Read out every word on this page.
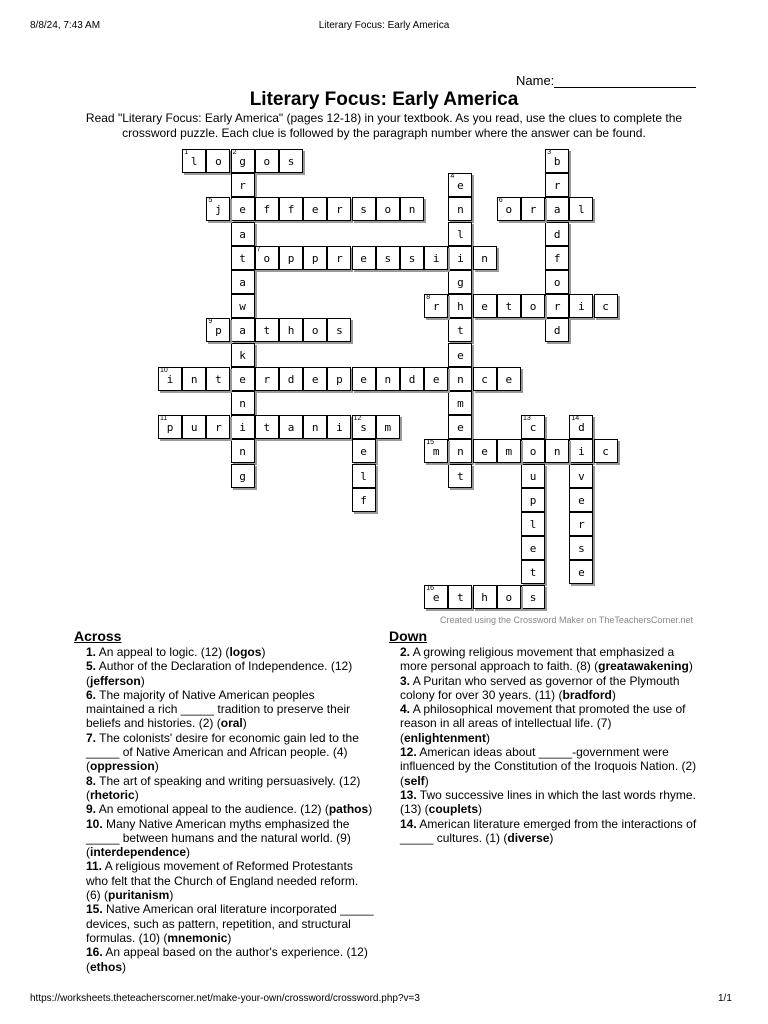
8/8/24, 7:43 AM	Literary Focus: Early America
Name:
Literary Focus: Early America
Read "Literary Focus: Early America" (pages 12-18) in your textbook. As you read, use the clues to complete the crossword puzzle. Each clue is followed by the paragraph number where the answer can be found.
1
l	o
2
g	o	s
r
e
a
t
a
w
a
k
e
n
i
n
g
3
b
r
a
d
f
o
r
d
4
e
n
l
i
g
h
t
e
n
m
e
n
t
5
j	f	f	e	r	s	o	n
6
o	r	l
7
o	p	p	r	e	s	s	i	n
8
r	e	t	o	i	c
9
p	t	h	o	s
10
i	n	t	r	d	e	p	e	n	d	e	c	e
11
p	u	r	t	a	n	i
12
s	m
e
l
f
13
c
o
u
p
l
e
t
s
14
d
i
v
e
r
s
e
15
m	e	m	n	c
16
e	t	h	o
Created using the Crossword Maker on TheTeachersCorner.net
Across	Down

1. An appeal to logic. (12) (logos)

5. Author of the Declaration of Independence. (12) (jefferson)

6. The majority of Native American peoples maintained a rich _____ tradition to preserve their beliefs and histories. (2) (oral)

7. The colonists' desire for economic gain led to the _____ of Native American and African people. (4) (oppression)

8. The art of speaking and writing persuasively. (12) (rhetoric)

9. An emotional appeal to the audience. (12) (pathos)

10. Many Native American myths emphasized the _____ between humans and the natural world. (9) (interdependence)

11. A religious movement of Reformed Protestants who felt that the Church of England needed reform. (6) (puritanism)

15. Native American oral literature incorporated _____ devices, such as pattern, repetition, and structural formulas. (10) (mnemonic)

16. An appeal based on the author's experience. (12) (ethos)

2. A growing religious movement that emphasized a more personal approach to faith. (8) (greatawakening)

3. A Puritan who served as governor of the Plymouth colony for over 30 years. (11) (bradford)

4. A philosophical movement that promoted the use of reason in all areas of intellectual life. (7) (enlightenment)

12. American ideas about _____-government were influenced by the Constitution of the Iroquois Nation. (2) (self)

13. Two successive lines in which the last words rhyme. (13) (couplets)

14. American literature emerged from the interactions of _____ cultures. (1) (diverse)

https://worksheets.theteacherscorner.net/make-your-own/crossword/crossword.php?v=3	1/1
